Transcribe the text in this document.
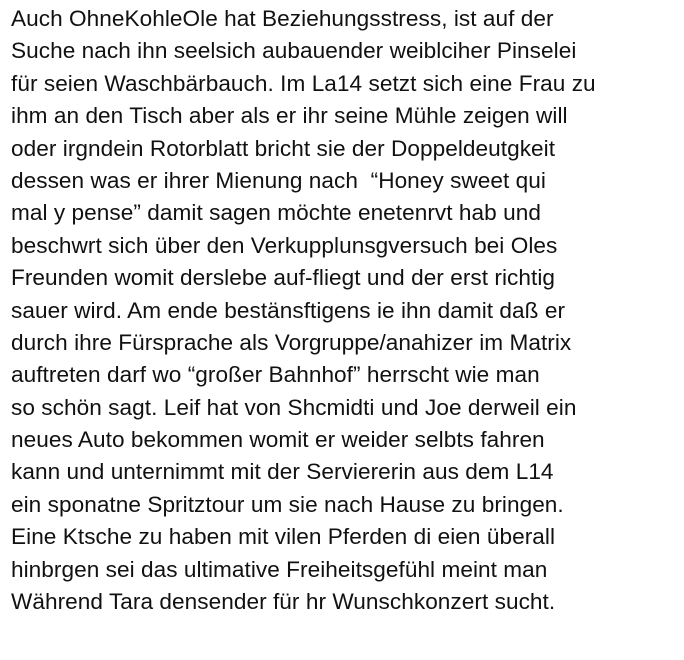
Auch OhneKohleOle hat Beziehungsstress, ist auf der
Suche nach ihn seelsich aubauender weiblciher Pinselei
für seien Waschbärbauch. Im La14 setzt sich eine Frau zu
ihm an den Tisch aber als er ihr seine Mühle zeigen will
oder irgndein Rotorblatt bricht sie der Doppeldeutgkeit
dessen was er ihrer Mienung nach  “Honey sweet qui
mal y pense” damit sagen möchte enetenrvt hab und
beschwrt sich über den Verkupplunsgversuch bei Oles
Freunden womit derslebe auf-fliegt und der erst richtig
sauer wird. Am ende bestänsftigens ie ihn damit daß er
durch ihre Fürsprache als Vorgruppe/anahizer im Matrix
auftreten darf wo “großer Bahnhof” herrscht wie man
so schön sagt. Leif hat von Shcmidti und Joe derweil ein
neues Auto bekommen womit er weider selbts fahren
kann und unternimmt mit der Servierer‌in aus dem L14
ein sponatne Spritztour um sie nach Hause zu bringen.
Eine Ktsche zu haben mit vilen Pferden di eien überall
hinbrgen sei das ultimative Freiheitsgefühl meint man
Während Tara densender für hr Wunschkonzert sucht.
